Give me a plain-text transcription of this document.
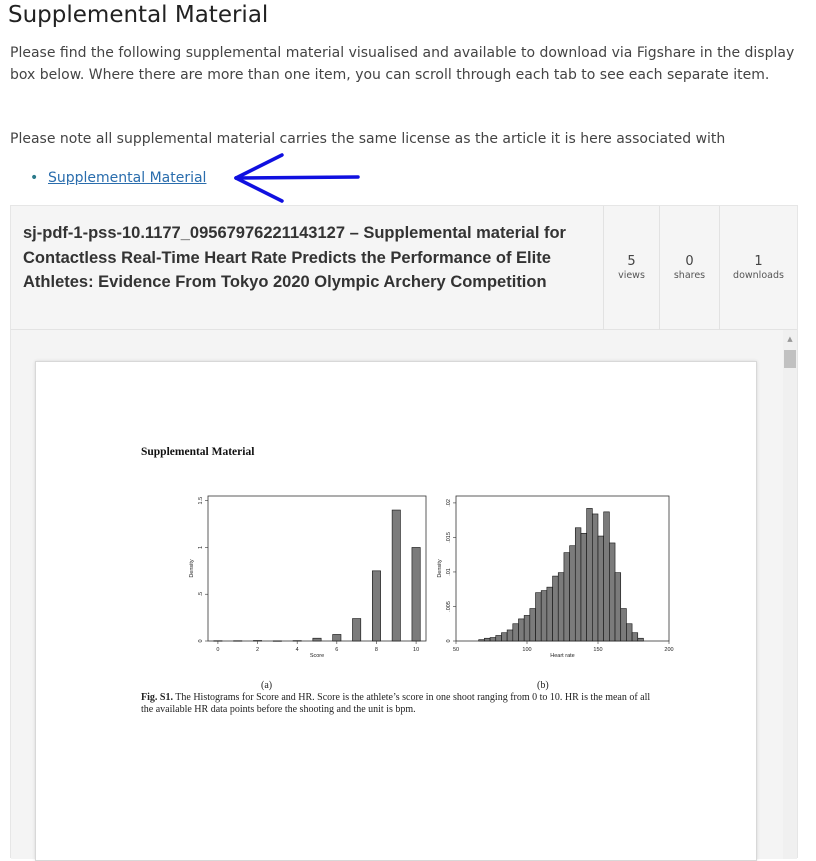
Supplemental Material
Please find the following supplemental material visualised and available to download via Figshare in the display box below. Where there are more than one item, you can scroll through each tab to see each separate item.
Please note all supplemental material carries the same license as the article it is here associated with
• Supplemental Material
sj-pdf-1-pss-10.1177_09567976221143127 – Supplemental material for Contactless Real-Time Heart Rate Predicts the Performance of Elite Athletes: Evidence From Tokyo 2020 Olympic Archery Competition
5
views
0
shares
1
downloads
Supplemental Material
0	2	4	6	8	10
0
.5
1
1.5
Score
Density
50	100	150	200
0
.005
.01
.015
.02
Heart rate
Density
(a)	(b)
Fig. S1. The Histograms for Score and HR. Score is the athlete’s score in one shoot ranging from 0 to 10. HR is the mean of all the available HR data points before the shooting and the unit is bpm.
▲
